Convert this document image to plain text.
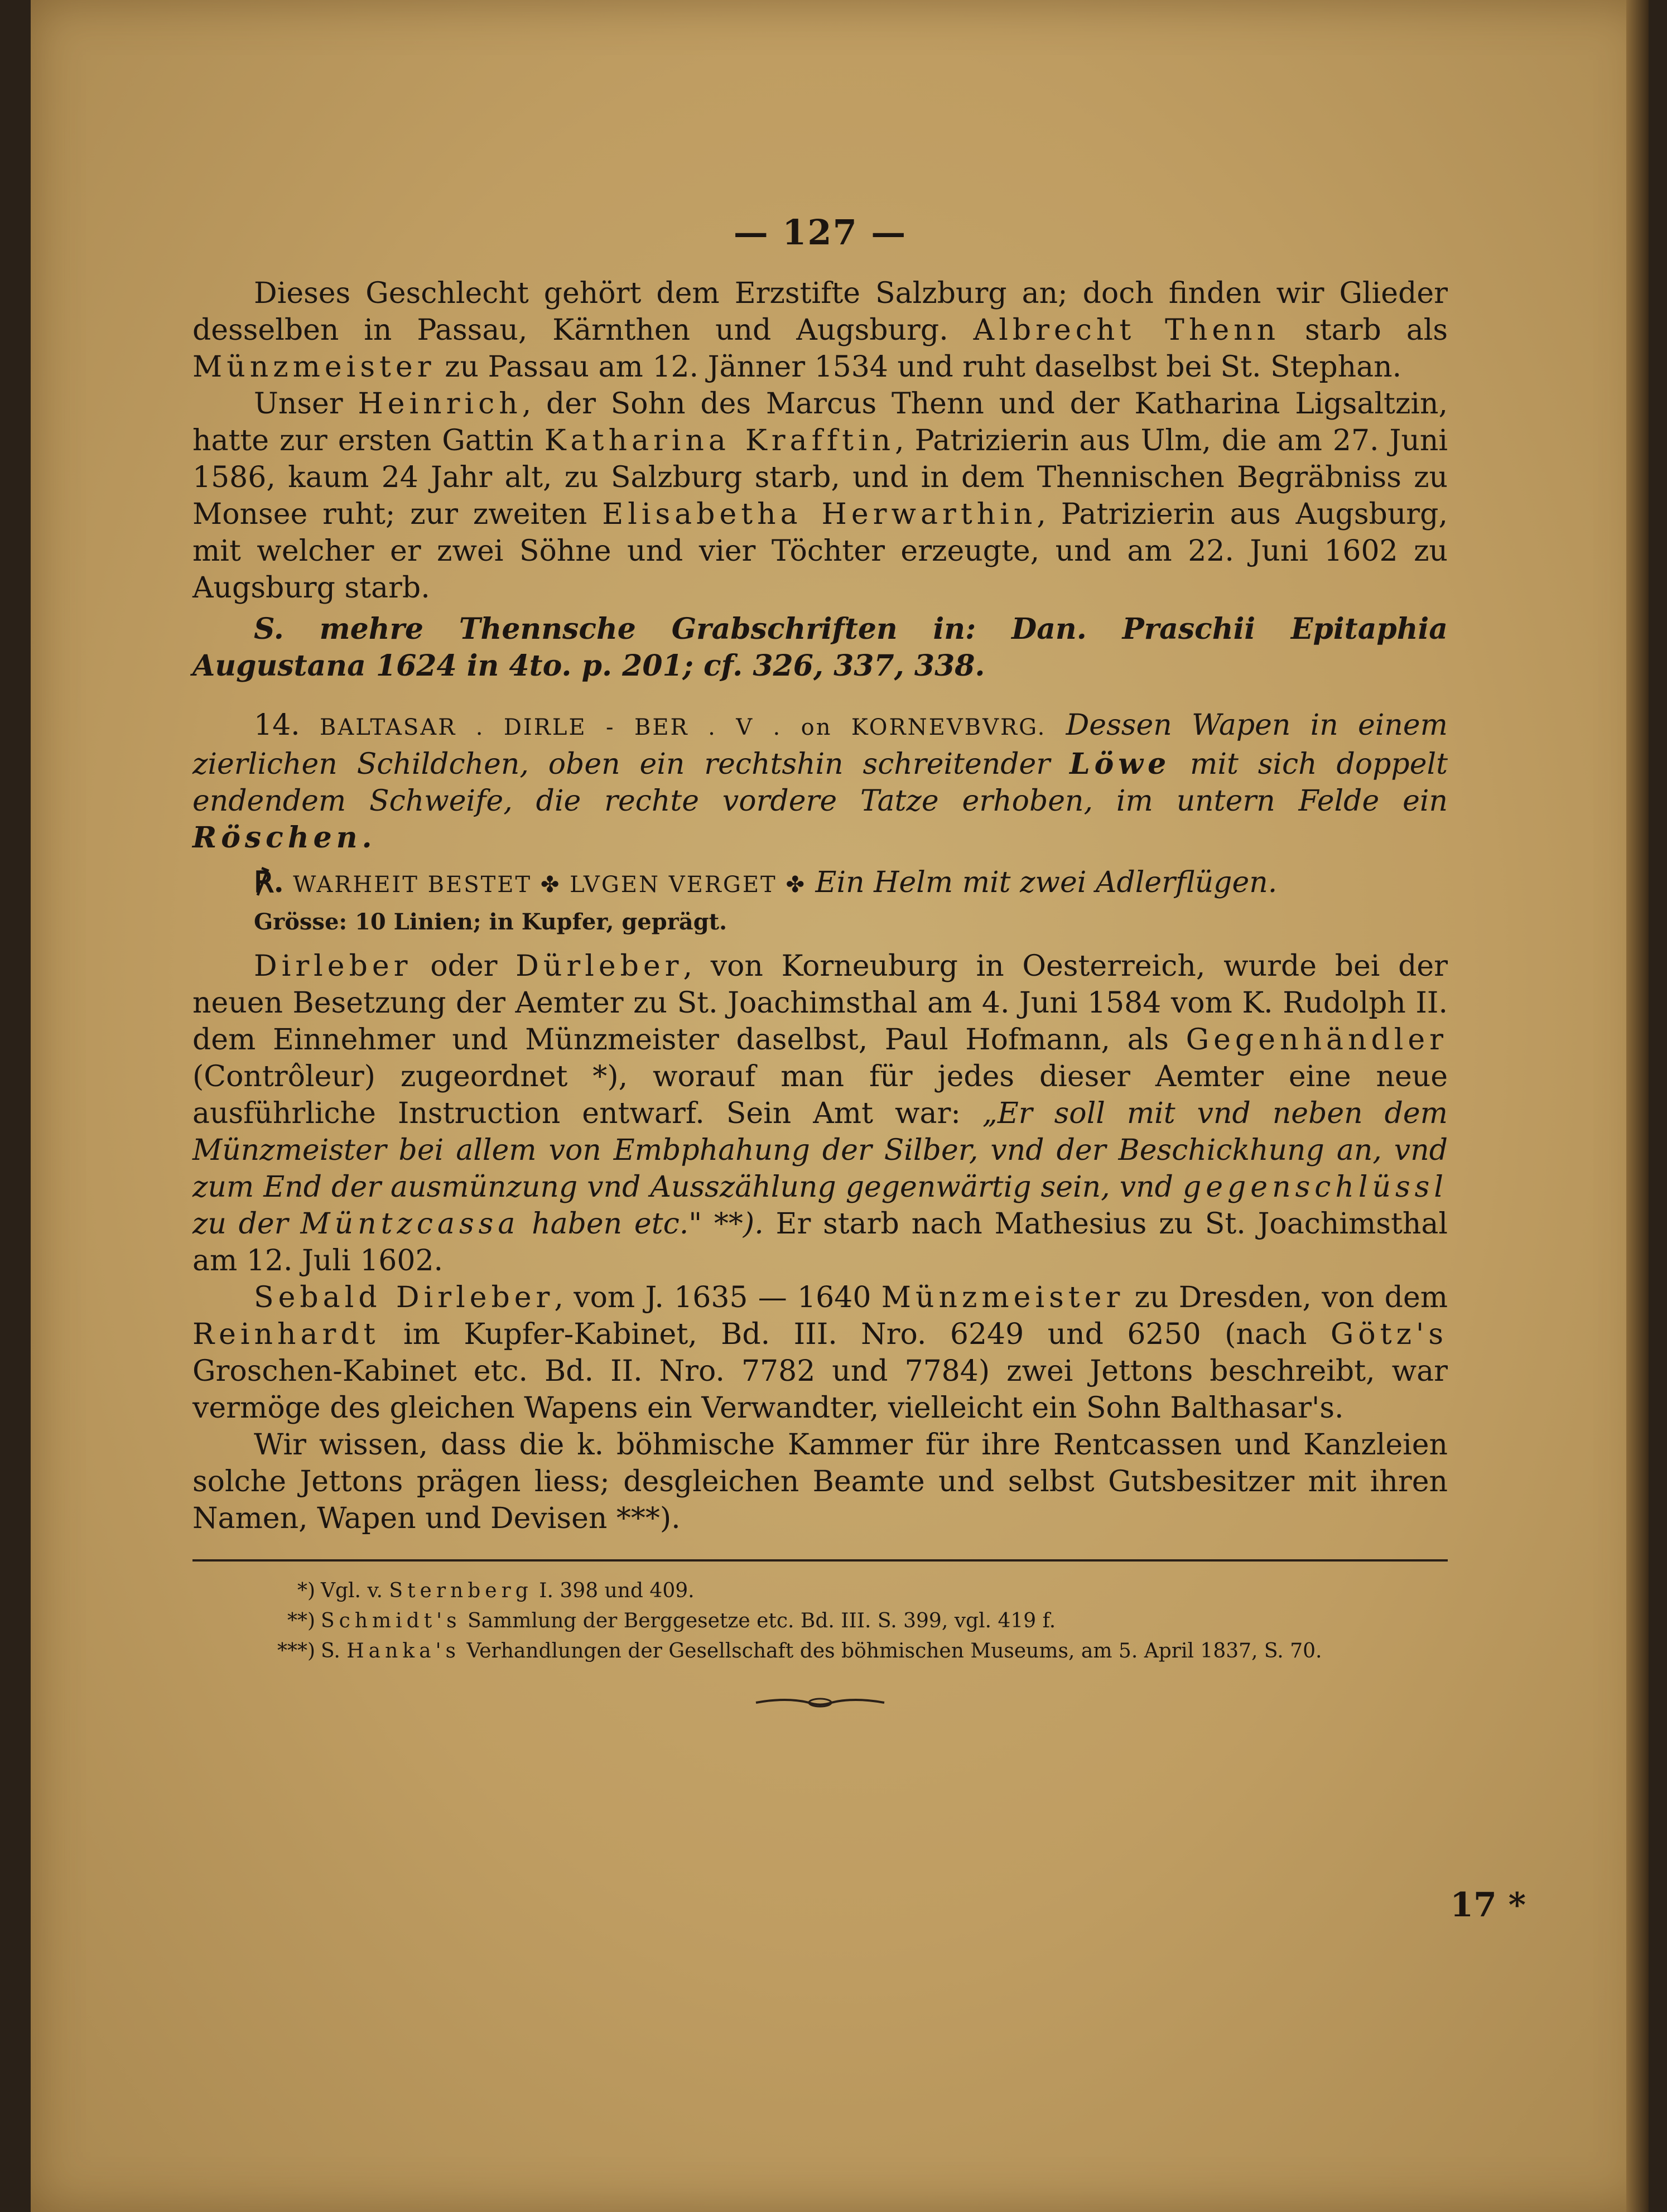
— 127 —

Dieses Geschlecht gehört dem Erzstifte Salzburg an; doch finden wir Glieder desselben in Passau, Kärnthen und Augsburg. Albrecht Thenn starb als Münzmeister zu Passau am 12. Jänner 1534 und ruht daselbst bei St. Stephan.

Unser Heinrich, der Sohn des Marcus Thenn und der Katharina Ligsaltzin, hatte zur ersten Gattin Katharina Krafftin, Patrizierin aus Ulm, die am 27. Juni 1586, kaum 24 Jahr alt, zu Salzburg starb, und in dem Thennischen Begräbniss zu Monsee ruht; zur zweiten Elisabetha Herwarthin, Patrizierin aus Augsburg, mit welcher er zwei Söhne und vier Töchter erzeugte, und am 22. Juni 1602 zu Augsburg starb.

S. mehre Thennsche Grabschriften in: Dan. Praschii Epitaphia Augustana 1624 in 4to. p. 201; cf. 326, 337, 338.

14. BALTASAR . DIRLE - BER . V . on KORNEVBVRG. Dessen Wapen in einem zierlichen Schildchen, oben ein rechtshin schreitender Löwe mit sich doppelt endendem Schweife, die rechte vordere Tatze erhoben, im untern Felde ein Röschen.

℟. WARHEIT BESTET ✤ LVGEN VERGET ✤ Ein Helm mit zwei Adlerflügen.

Grösse: 10 Linien; in Kupfer, geprägt.

Dirleber oder Dürleber, von Korneuburg in Oesterreich, wurde bei der neuen Besetzung der Aemter zu St. Joachimsthal am 4. Juni 1584 vom K. Rudolph II. dem Einnehmer und Münzmeister daselbst, Paul Hofmann, als Gegenhändler (Contrôleur) zugeordnet *), worauf man für jedes dieser Aemter eine neue ausführliche Instruction entwarf. Sein Amt war: „Er soll mit vnd neben dem Münzmeister bei allem von Embphahung der Silber, vnd der Beschickhung an, vnd zum End der ausmünzung vnd Ausszählung gegenwärtig sein, vnd gegenschlüssl zu der Müntzcassa haben etc." **). Er starb nach Mathesius zu St. Joachimsthal am 12. Juli 1602.

Sebald Dirleber, vom J. 1635 — 1640 Münzmeister zu Dresden, von dem Reinhardt im Kupfer-Kabinet, Bd. III. Nro. 6249 und 6250 (nach Götz's Groschen-Kabinet etc. Bd. II. Nro. 7782 und 7784) zwei Jettons beschreibt, war vermöge des gleichen Wapens ein Verwandter, vielleicht ein Sohn Balthasar's.

Wir wissen, dass die k. böhmische Kammer für ihre Rentcassen und Kanzleien solche Jettons prägen liess; desgleichen Beamte und selbst Gutsbesitzer mit ihren Namen, Wapen und Devisen ***).

*) Vgl. v. Sternberg I. 398 und 409.

**) Schmidt's Sammlung der Berggesetze etc. Bd. III. S. 399, vgl. 419 f.

***) S. Hanka's Verhandlungen der Gesellschaft des böhmischen Museums, am 5. April 1837, S. 70.

17 *
